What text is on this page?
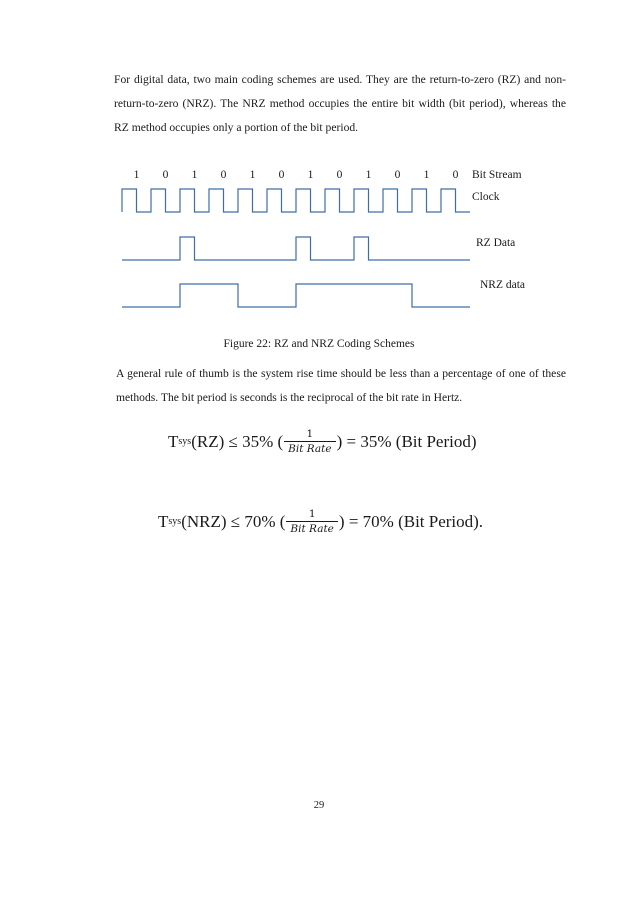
For digital data, two main coding schemes are used. They are the return-to-zero (RZ) and non-return-to-zero (NRZ). The NRZ method occupies the entire bit width (bit period), whereas the RZ method occupies only a portion of the bit period.

1 0 1 0 1 0 1 0 1 0 1 0 Bit Stream
Clock
RZ Data
NRZ data
Figure 22: RZ and NRZ Coding Schemes

A general rule of thumb is the system rise time should be less than a percentage of one of these methods. The bit period is seconds is the reciprocal of the bit rate in Hertz.

T sys (RZ) ≤ 35% ( $\frac{1}{\text{Bit Rate}}$ ) = 35% (Bit Period)
T sys (NRZ) ≤ 70% ( $\frac{1}{\text{Bit Rate}}$ ) = 70% (Bit Period).
29
